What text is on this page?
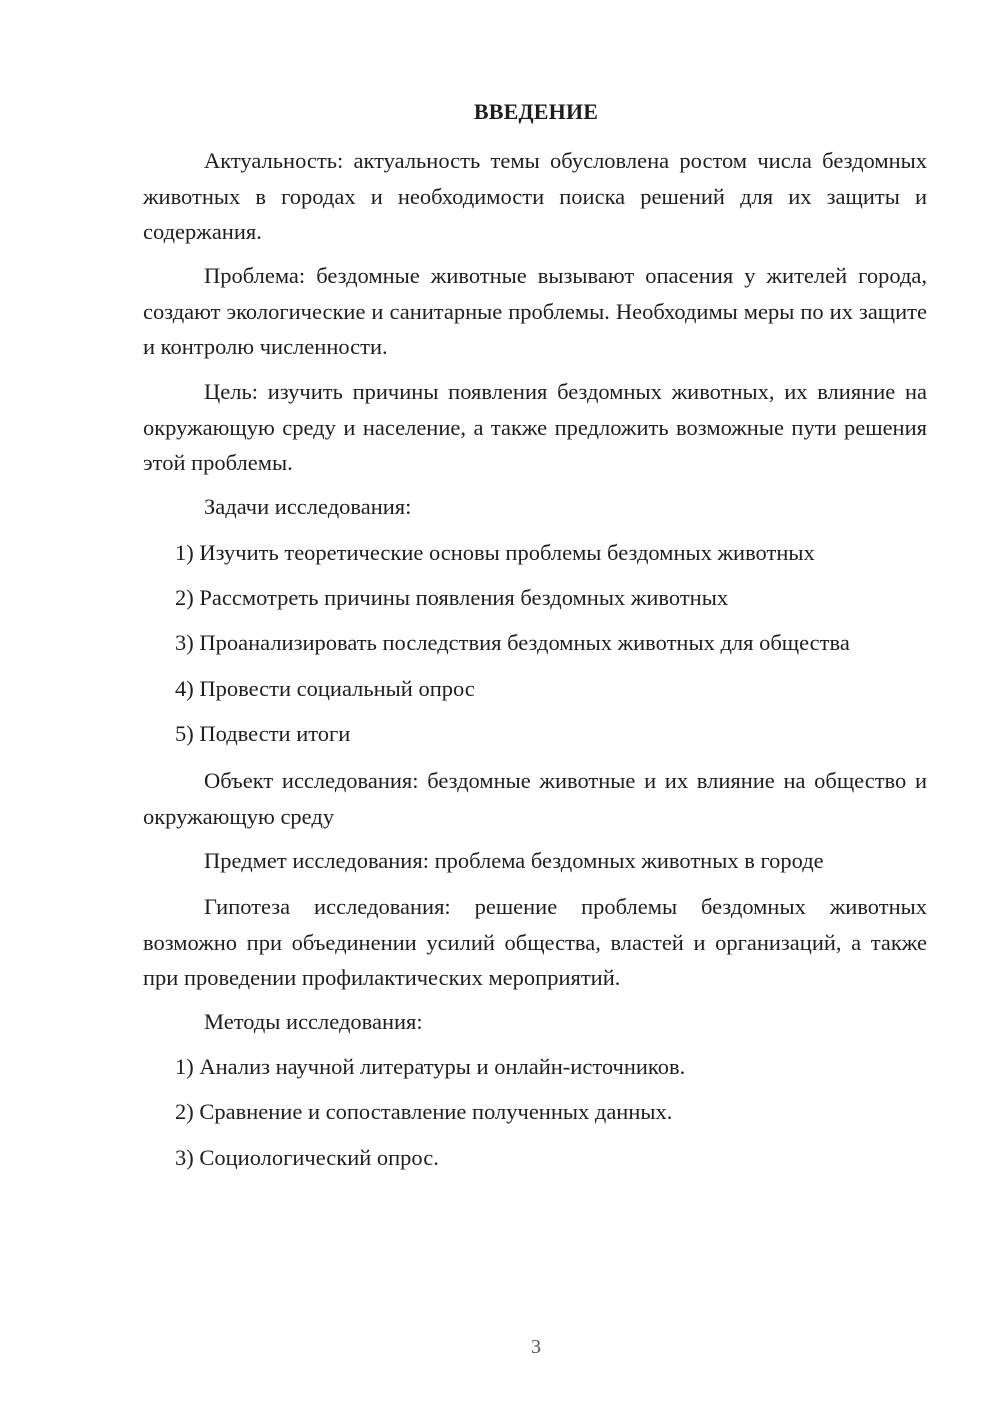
ВВЕДЕНИЕ

Актуальность: актуальность темы обусловлена ростом числа бездомных животных в городах и необходимости поиска решений для их защиты и содержания.

Проблема: бездомные животные вызывают опасения у жителей города, создают экологические и санитарные проблемы. Необходимы меры по их защите и контролю численности.

Цель: изучить причины появления бездомных животных, их влияние на окружающую среду и население, а также предложить возможные пути решения этой проблемы.

Задачи исследования:

1) Изучить теоретические основы проблемы бездомных животных

2) Рассмотреть причины появления бездомных животных

3) Проанализировать последствия бездомных животных для общества

4) Провести социальный опрос

5) Подвести итоги

Объект исследования: бездомные животные и их влияние на общество и окружающую среду

Предмет исследования: проблема бездомных животных в городе

Гипотеза исследования: решение проблемы бездомных животных возможно при объединении усилий общества, властей и организаций, а также при проведении профилактических мероприятий.

Методы исследования:

1) Анализ научной литературы и онлайн-источников.

2) Сравнение и сопоставление полученных данных.

3) Социологический опрос.

3
